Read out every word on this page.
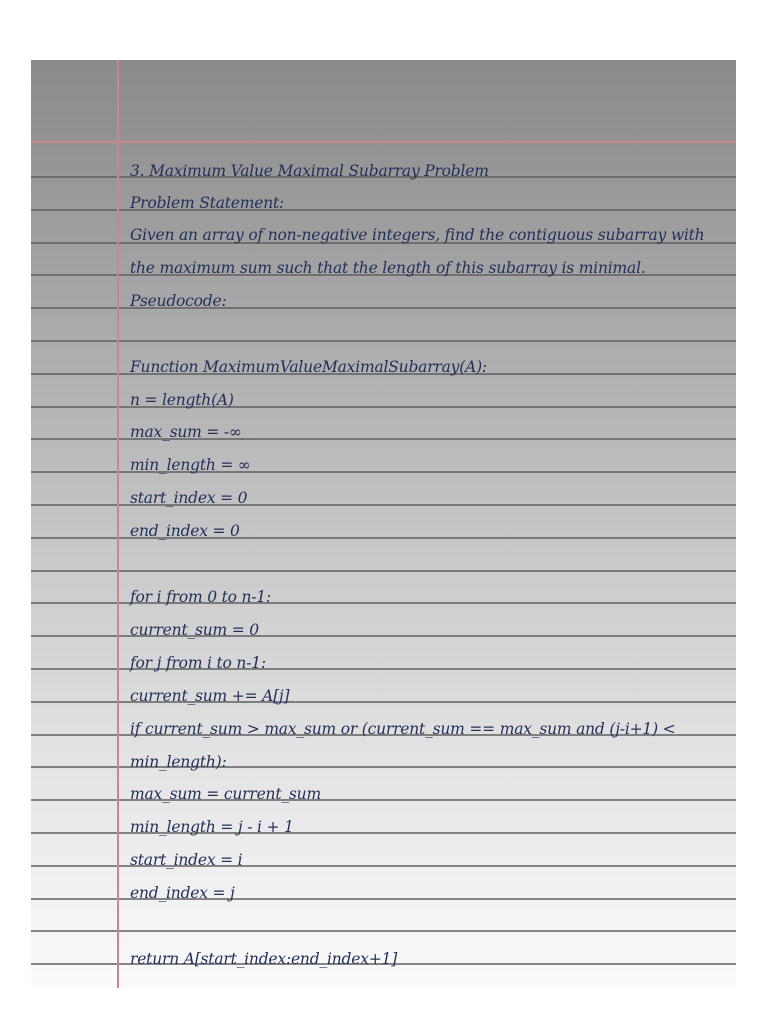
3. Maximum Value Maximal Subarray Problem
Problem Statement:
Given an array of non-negative integers, find the contiguous subarray with
the maximum sum such that the length of this subarray is minimal.
Pseudocode:
Function MaximumValueMaximalSubarray(A):
n = length(A)
max_sum = -∞
min_length = ∞
start_index = 0
end_index = 0
for i from 0 to n-1:
current_sum = 0
for j from i to n-1:
current_sum += A[j]
if current_sum > max_sum or (current_sum == max_sum and (j-i+1) <
min_length):
max_sum = current_sum
min_length = j - i + 1
start_index = i
end_index = j
return A[start_index:end_index+1]
